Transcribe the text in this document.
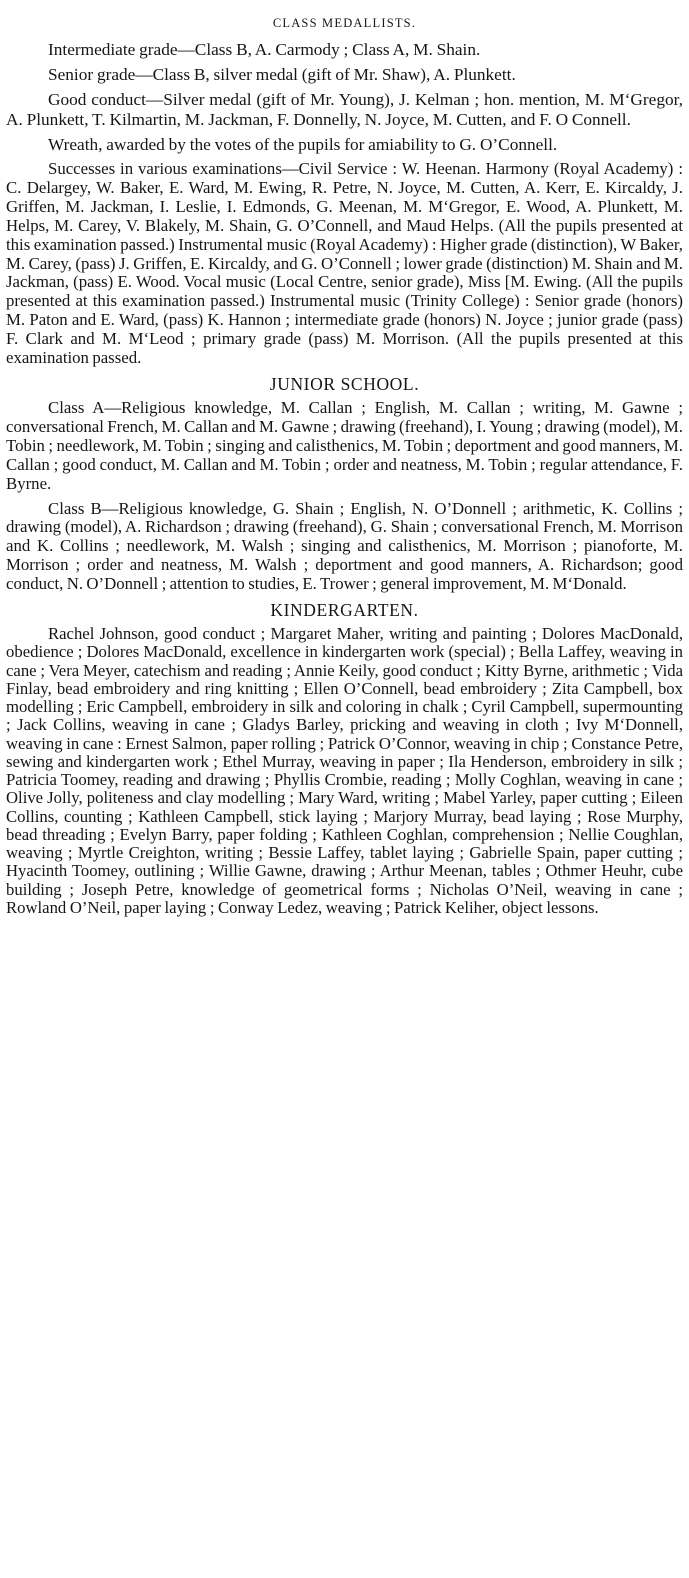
CLASS MEDALLISTS.

Intermediate grade—Class B, A. Carmody ; Class A, M. Shain.

Senior grade—Class B, silver medal (gift of Mr. Shaw), A. Plunkett.

Good conduct—Silver medal (gift of Mr. Young), J. Kelman ; hon. mention, M. M‘Gregor, A. Plunkett, T. Kilmartin, M. Jackman, F. Donnelly, N. Joyce, M. Cutten, and F. O Connell.

Wreath, awarded by the votes of the pupils for amiability to G. O’Connell.

Successes in various examinations—Civil Service : W. Heenan. Harmony (Royal Academy) : C. Delargey, W. Baker, E. Ward, M. Ewing, R. Petre, N. Joyce, M. Cutten, A. Kerr, E. Kircaldy, J. Griffen, M. Jackman, I. Leslie, I. Edmonds, G. Meenan, M. M‘Gregor, E. Wood, A. Plunkett, M. Helps, M. Carey, V. Blakely, M. Shain, G. O’Connell, and Maud Helps. (All the pupils presented at this examination passed.) Instrumental music (Royal Academy) : Higher grade (distinction), W Baker, M. Carey, (pass) J. Griffen, E. Kircaldy, and G. O’Connell ; lower grade (distinction) M. Shain and M. Jackman, (pass) E. Wood. Vocal music (Local Centre, senior grade), Miss [M. Ewing. (All the pupils presented at this examination passed.) Instrumental music (Trinity College) : Senior grade (honors) M. Paton and E. Ward, (pass) K. Hannon ; intermediate grade (honors) N. Joyce ; junior grade (pass) F. Clark and M. M‘Leod ; primary grade (pass) M. Morrison. (All the pupils presented at this examination passed.

JUNIOR SCHOOL.

Class A—Religious knowledge, M. Callan ; English, M. Callan ; writing, M. Gawne ; conversational French, M. Callan and M. Gawne ; drawing (freehand), I. Young ; drawing (model), M. Tobin ; needlework, M. Tobin ; singing and calisthenics, M. Tobin ; deportment and good manners, M. Callan ; good conduct, M. Callan and M. Tobin ; order and neatness, M. Tobin ; regular attendance, F. Byrne.

Class B—Religious knowledge, G. Shain ; English, N. O’Donnell ; arithmetic, K. Collins ; drawing (model), A. Richardson ; drawing (freehand), G. Shain ; conversational French, M. Morrison and K. Collins ; needlework, M. Walsh ; singing and calisthenics, M. Morrison ; pianoforte, M. Morrison ; order and neatness, M. Walsh ; deportment and good manners, A. Richardson; good conduct, N. O’Donnell ; attention to studies, E. Trower ; general improvement, M. M‘Donald.

KINDERGARTEN.

Rachel Johnson, good conduct ; Margaret Maher, writing and painting ; Dolores MacDonald, obedience ; Dolores MacDonald, excellence in kindergarten work (special) ; Bella Laffey, weaving in cane ; Vera Meyer, catechism and reading ; Annie Keily, good conduct ; Kitty Byrne, arithmetic ; Vida Finlay, bead embroidery and ring knitting ; Ellen O’Connell, bead embroidery ; Zita Campbell, box modelling ; Eric Campbell, embroidery in silk and coloring in chalk ; Cyril Campbell, supermounting ; Jack Collins, weaving in cane ; Gladys Barley, pricking and weaving in cloth ; Ivy M‘Donnell, weaving in cane : Ernest Salmon, paper rolling ; Patrick O’Connor, weaving in chip ; Constance Petre, sewing and kindergarten work ; Ethel Murray, weaving in paper ; Ila Henderson, embroidery in silk ; Patricia Toomey, reading and drawing ; Phyllis Crombie, reading ; Molly Coghlan, weaving in cane ; Olive Jolly, politeness and clay modelling ; Mary Ward, writing ; Mabel Yarley, paper cutting ; Eileen Collins, counting ; Kathleen Campbell, stick laying ; Marjory Murray, bead laying ; Rose Murphy, bead threading ; Evelyn Barry, paper folding ; Kathleen Coghlan, comprehension ; Nellie Coughlan, weaving ; Myrtle Creighton, writing ; Bessie Laffey, tablet laying ; Gabrielle Spain, paper cutting ; Hyacinth Toomey, outlining ; Willie Gawne, drawing ; Arthur Meenan, tables ; Othmer Heuhr, cube building ; Joseph Petre, knowledge of geometrical forms ; Nicholas O’Neil, weaving in cane ; Rowland O’Neil, paper laying ; Conway Ledez, weaving ; Patrick Keliher, object lessons.
